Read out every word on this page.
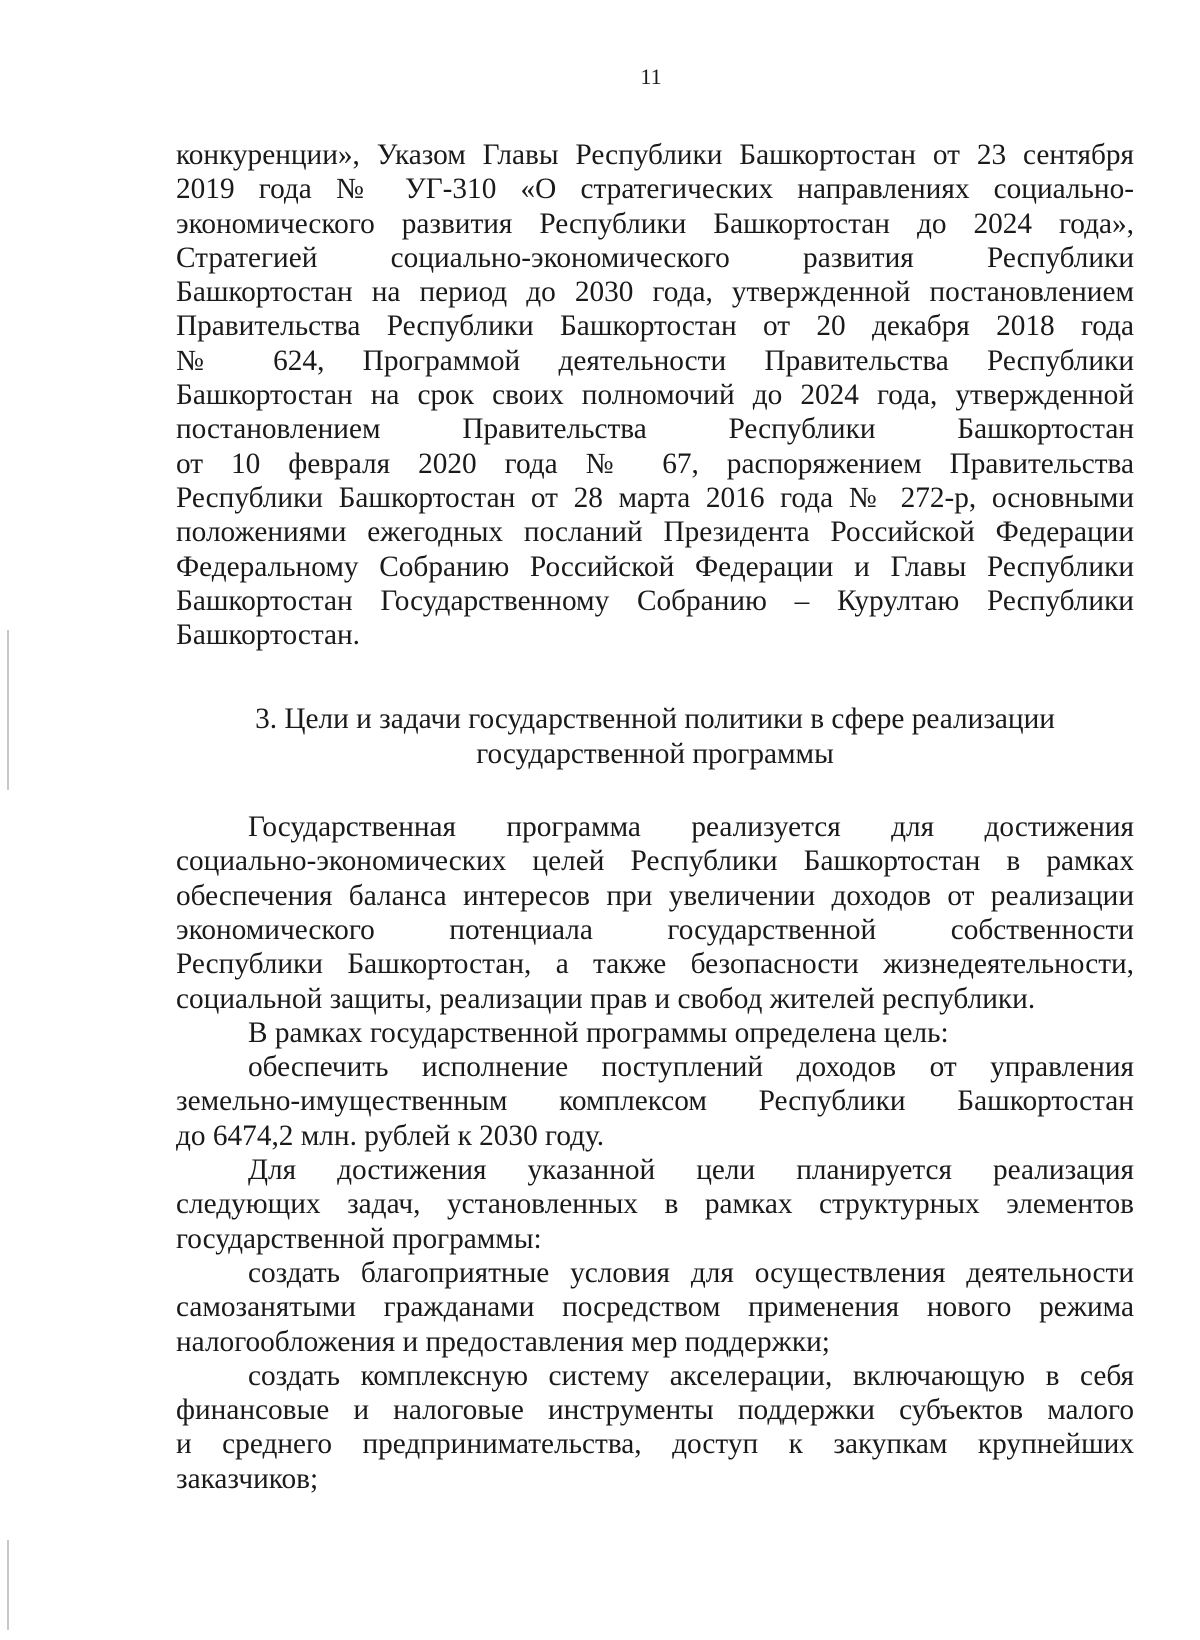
11

конкуренции», Указом Главы Республики Башкортостан от 23 сентября

2019 года № УГ-310 «О стратегических направлениях социально-

экономического развития Республики Башкортостан до 2024 года»,

Стратегией социально-экономического развития Республики

Башкортостан на период до 2030 года, утвержденной постановлением

Правительства Республики Башкортостан от 20 декабря 2018 года

№ 624, Программой деятельности Правительства Республики

Башкортостан на срок своих полномочий до 2024 года, утвержденной

постановлением Правительства Республики Башкортостан

от 10 февраля 2020 года № 67, распоряжением Правительства

Республики Башкортостан от 28 марта 2016 года № 272-р, основными

положениями ежегодных посланий Президента Российской Федерации

Федеральному Собранию Российской Федерации и Главы Республики

Башкортостан Государственному Собранию – Курултаю Республики

Башкортостан.

3. Цели и задачи государственной политики в сфере реализации
государственной программы

Государственная программа реализуется для достижения

социально-экономических целей Республики Башкортостан в рамках

обеспечения баланса интересов при увеличении доходов от реализации

экономического потенциала государственной собственности

Республики Башкортостан, а также безопасности жизнедеятельности,

социальной защиты, реализации прав и свобод жителей республики.

В рамках государственной программы определена цель:

обеспечить исполнение поступлений доходов от управления

земельно-имущественным комплексом Республики Башкортостан

до 6474,2 млн. рублей к 2030 году.

Для достижения указанной цели планируется реализация

следующих задач, установленных в рамках структурных элементов

государственной программы:

создать благоприятные условия для осуществления деятельности

самозанятыми гражданами посредством применения нового режима

налогообложения и предоставления мер поддержки;

создать комплексную систему акселерации, включающую в себя

финансовые и налоговые инструменты поддержки субъектов малого

и среднего предпринимательства, доступ к закупкам крупнейших

заказчиков;
